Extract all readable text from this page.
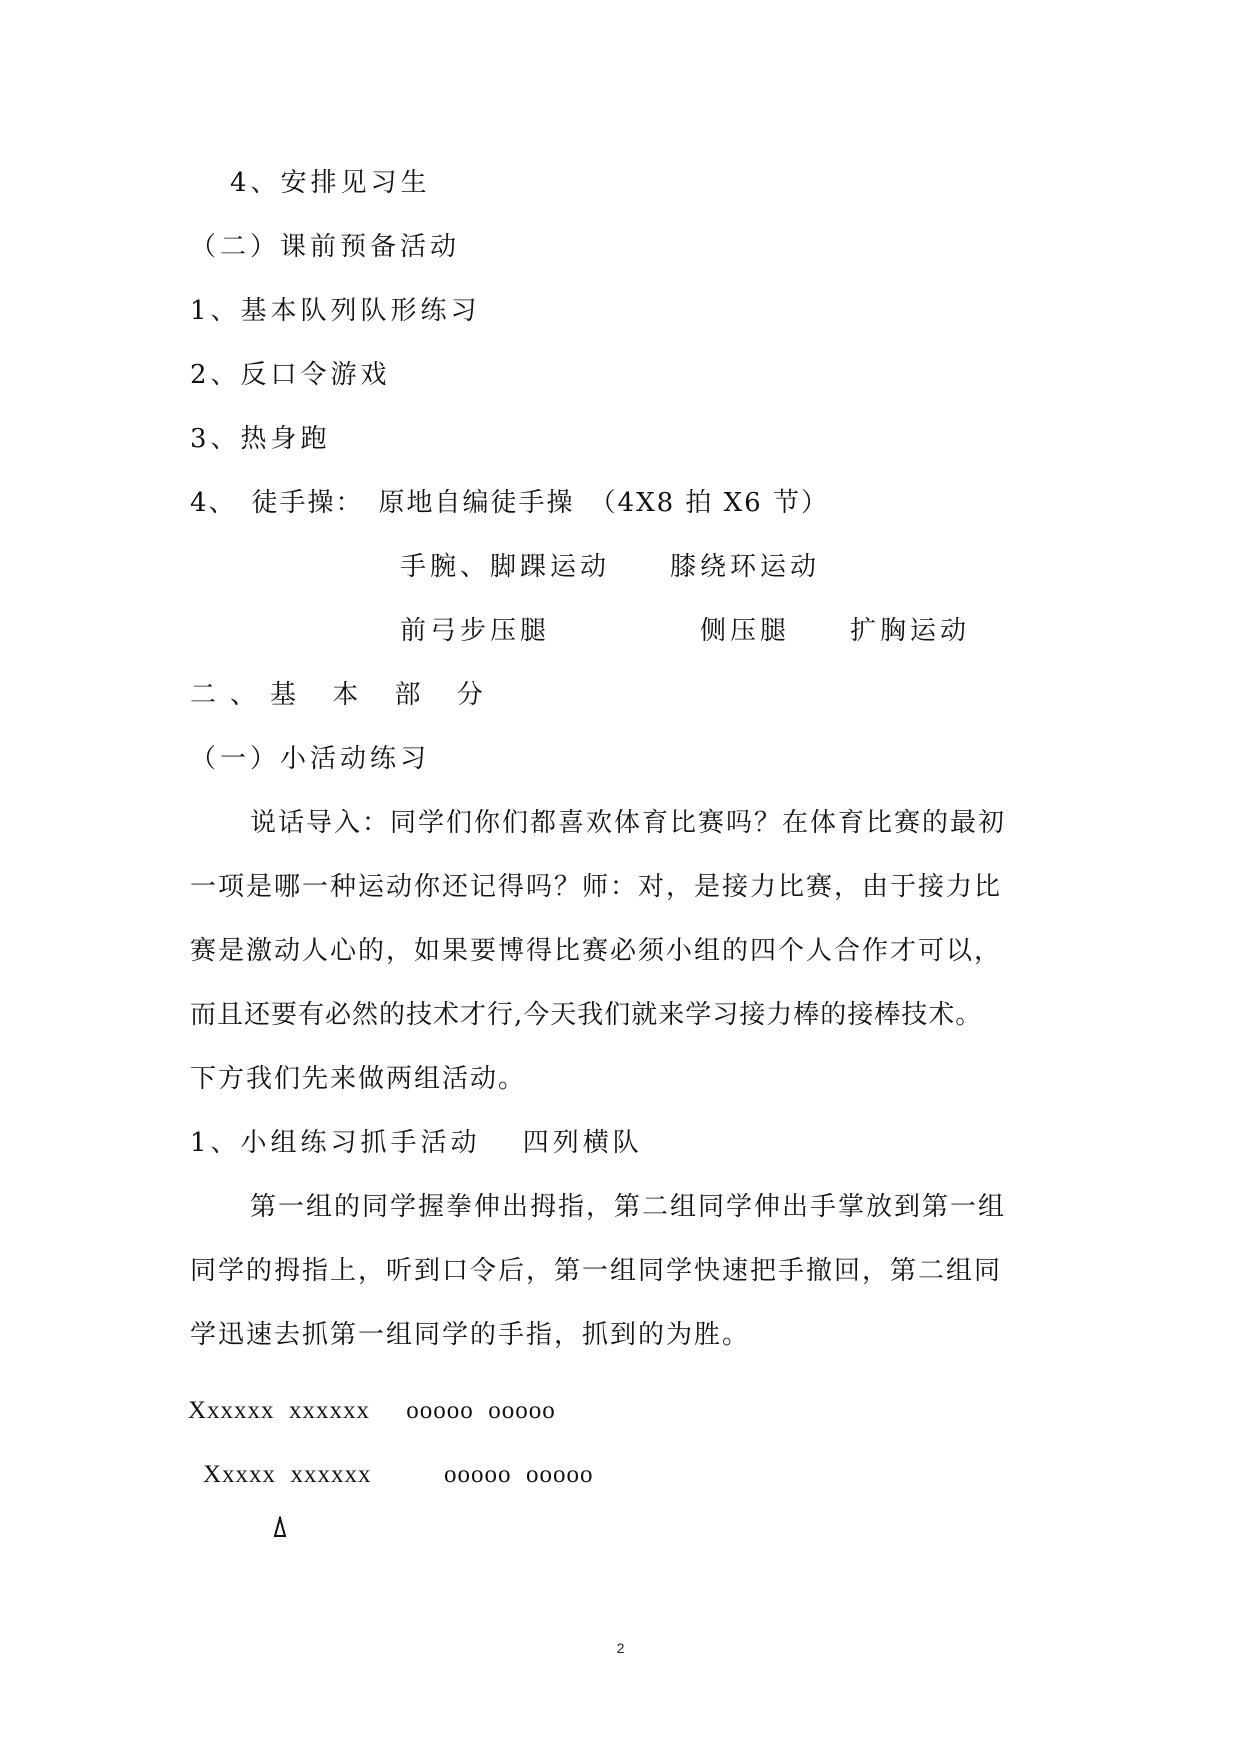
4、安排见习生
（二）课前预备活动
1、基本队列队形练习
2、反口令游戏
3、热身跑
4、　徒手操：　原地自编徒手操　（4X8 拍 X6 节）
手腕、脚踝运动　　膝绕环运动
前弓步压腿　　　　　侧压腿　　扩胸运动
二、基 本 部 分
（一）小活动练习
说话导入：同学们你们都喜欢体育比赛吗？在体育比赛的最初
一项是哪一种运动你还记得吗？师：对，是接力比赛，由于接力比
赛是激动人心的，如果要博得比赛必须小组的四个人合作才可以，
而且还要有必然的技术才行,今天我们就来学习接力棒的接棒技术。
下方我们先来做两组活动。
1、小组练习抓手活动　 四列横队
第一组的同学握拳伸出拇指，第二组同学伸出手掌放到第一组
同学的拇指上，听到口令后，第一组同学快速把手撤回，第二组同
学迅速去抓第一组同学的手指，抓到的为胜。
Xxxxxx  xxxxxx     ooooo  ooooo
Xxxxx  xxxxxx          ooooo  ooooo
2
